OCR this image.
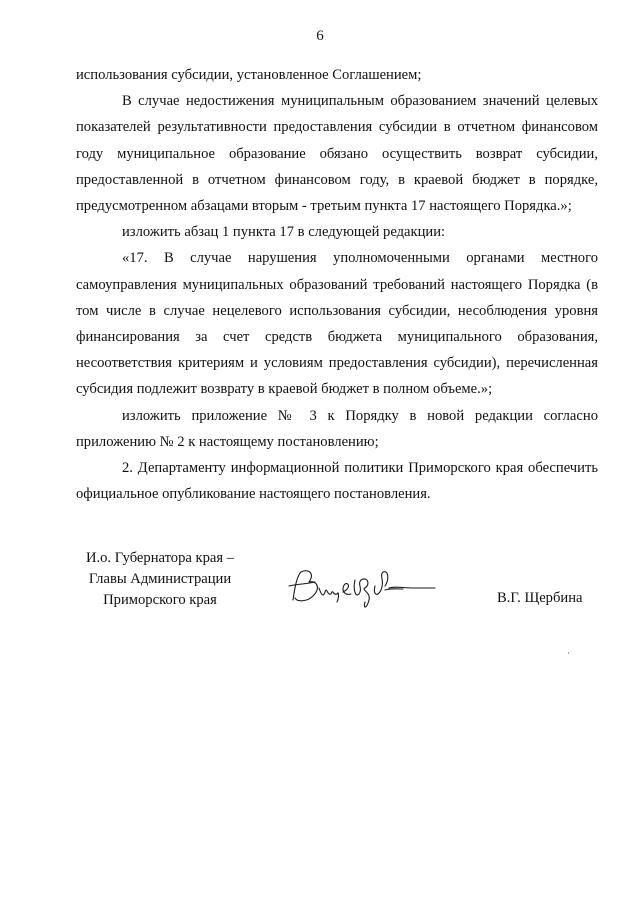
6

использования субсидии, установленное Соглашением;

В случае недостижения муниципальным образованием значений целевых показателей результативности предоставления субсидии в отчетном финансовом году муниципальное образование обязано осуществить возврат субсидии, предоставленной в отчетном финансовом году, в краевой бюджет в порядке, предусмотренном абзацами вторым - третьим пункта 17 настоящего Порядка.»;

изложить абзац 1 пункта 17 в следующей редакции:

«17. В случае нарушения уполномоченными органами местного самоуправления муниципальных образований требований настоящего Порядка (в том числе в случае нецелевого использования субсидии, несоблюдения уровня финансирования за счет средств бюджета муниципального образования, несоответствия критериям и условиям предоставления субсидии), перечисленная субсидия подлежит возврату в краевой бюджет в полном объеме.»;

изложить приложение № 3 к Порядку в новой редакции согласно приложению № 2 к настоящему постановлению;

2. Департаменту информационной политики Приморского края обеспечить официальное опубликование настоящего постановления.

И.о. Губернатора края –
Главы Администрации
Приморского края	В.Г. Щербина
